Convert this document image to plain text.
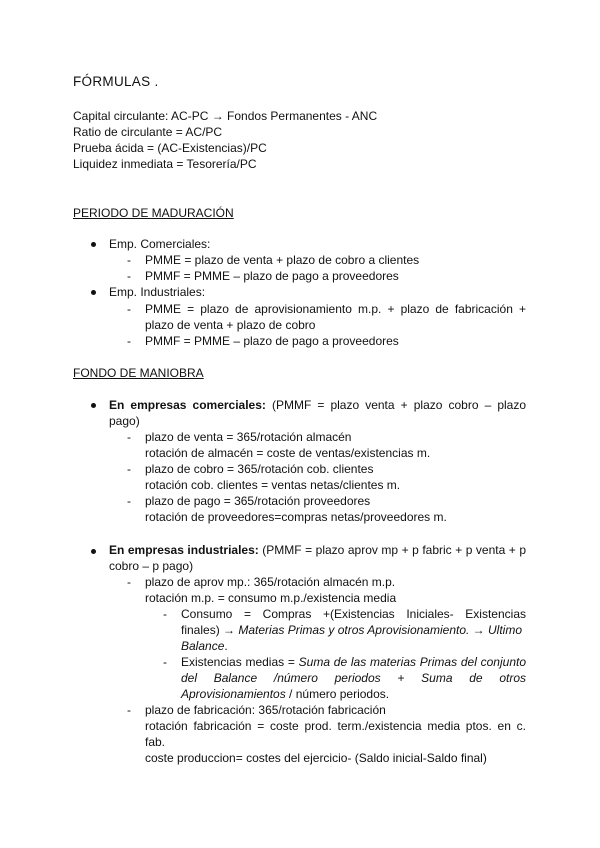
FÓRMULAS .
Capital circulante: AC-PC → Fondos Permanentes - ANC
Ratio de circulante = AC/PC
Prueba ácida = (AC-Existencias)/PC
Liquidez inmediata = Tesorería/PC
PERIODO DE MADURACIÓN
Emp. Comerciales:
- PMME = plazo de venta + plazo de cobro a clientes
- PMMF = PMME – plazo de pago a proveedores
Emp. Industriales:
- PMME = plazo de aprovisionamiento m.p. + plazo de fabricación +
plazo de venta + plazo de cobro
- PMMF = PMME – plazo de pago a proveedores
FONDO DE MANIOBRA
En empresas comerciales: (PMMF = plazo venta + plazo cobro – plazo
pago)
- plazo de venta = 365/rotación almacén
rotación de almacén = coste de ventas/existencias m.
- plazo de cobro = 365/rotación cob. clientes
rotación cob. clientes = ventas netas/clientes m.
- plazo de pago = 365/rotación proveedores
rotación de proveedores=compras netas/proveedores m.
En empresas industriales: (PMMF = plazo aprov mp + p fabric + p venta + p
cobro – p pago)
- plazo de aprov mp.: 365/rotación almacén m.p.
rotación m.p. = consumo m.p./existencia media
- Consumo = Compras +(Existencias Iniciales- Existencias
finales) → Materias Primas y otros Aprovisionamiento. → Ultimo
Balance.
- Existencias medias = Suma de las materias Primas del conjunto
del Balance /número periodos + Suma de otros
Aprovisionamientos / número periodos.
- plazo de fabricación: 365/rotación fabricación
rotación fabricación = coste prod. term./existencia media ptos. en c.
fab.
coste produccion= costes del ejercicio- (Saldo inicial-Saldo final)
